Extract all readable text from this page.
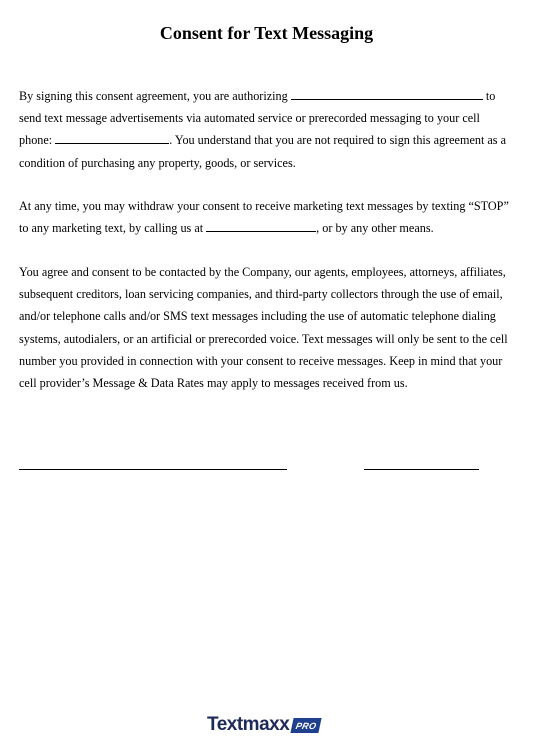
Consent for Text Messaging

By signing this consent agreement, you are authorizing	to send text message advertisements via automated service or prerecorded messaging to your cell phone:	. You understand that you are not required to sign this agreement as a condition of purchasing any property, goods, or services.

At any time, you may withdraw your consent to receive marketing text messages by texting “STOP” to any marketing text, by calling us at	, or by any other means.

You agree and consent to be contacted by the Company, our agents, employees, attorneys, affiliates, subsequent creditors, loan servicing companies, and third-party collectors through the use of email, and/or telephone calls and/or SMS text messages including the use of automatic telephone dialing systems, autodialers, or an artificial or prerecorded voice. Text messages will only be sent to the cell number you provided in connection with your consent to receive messages. Keep in mind that your cell provider’s Message & Data Rates may apply to messages received from us.

Text maxx PRO
